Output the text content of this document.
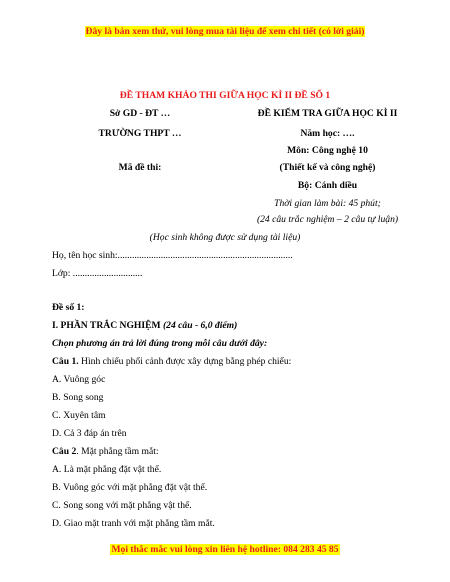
Đây là bản xem thử, vui lòng mua tài liệu để xem chi tiết (có lời giải)
ĐỀ THAM KHẢO THI GIỮA HỌC KÌ II ĐỀ SỐ 1
Sở GD - ĐT …	ĐỀ KIỂM TRA GIỮA HỌC KÌ II
TRƯỜNG THPT …	Năm học: ….
Môn: Công nghệ 10
Mã đề thi:	(Thiết kế và công nghệ)
Bộ: Cánh diều
Thời gian làm bài: 45 phút;
(24 câu trắc nghiệm – 2 câu tự luận)
(Học sinh không được sử dụng tài liệu)
Họ, tên học sinh:.........................................................................
Lớp: .............................
Đề số 1:
I. PHẦN TRẮC NGHIỆM (24 câu - 6,0 điểm)
Chọn phương án trả lời đúng trong mỗi câu dưới đây:
Câu 1. Hình chiếu phối cảnh được xây dựng bằng phép chiếu:
A. Vuông góc
B. Song song
C. Xuyên tâm
D. Cả 3 đáp án trên
Câu 2. Mặt phẳng tầm mắt:
A. Là mặt phẳng đặt vật thể.
B. Vuông góc với mặt phẳng đặt vật thể.
C. Song song với mặt phẳng vật thể.
D. Giao mặt tranh với mặt phẳng tầm mắt.
Mọi thắc mắc vui lòng xin liên hệ hotline: 084 283 45 85
